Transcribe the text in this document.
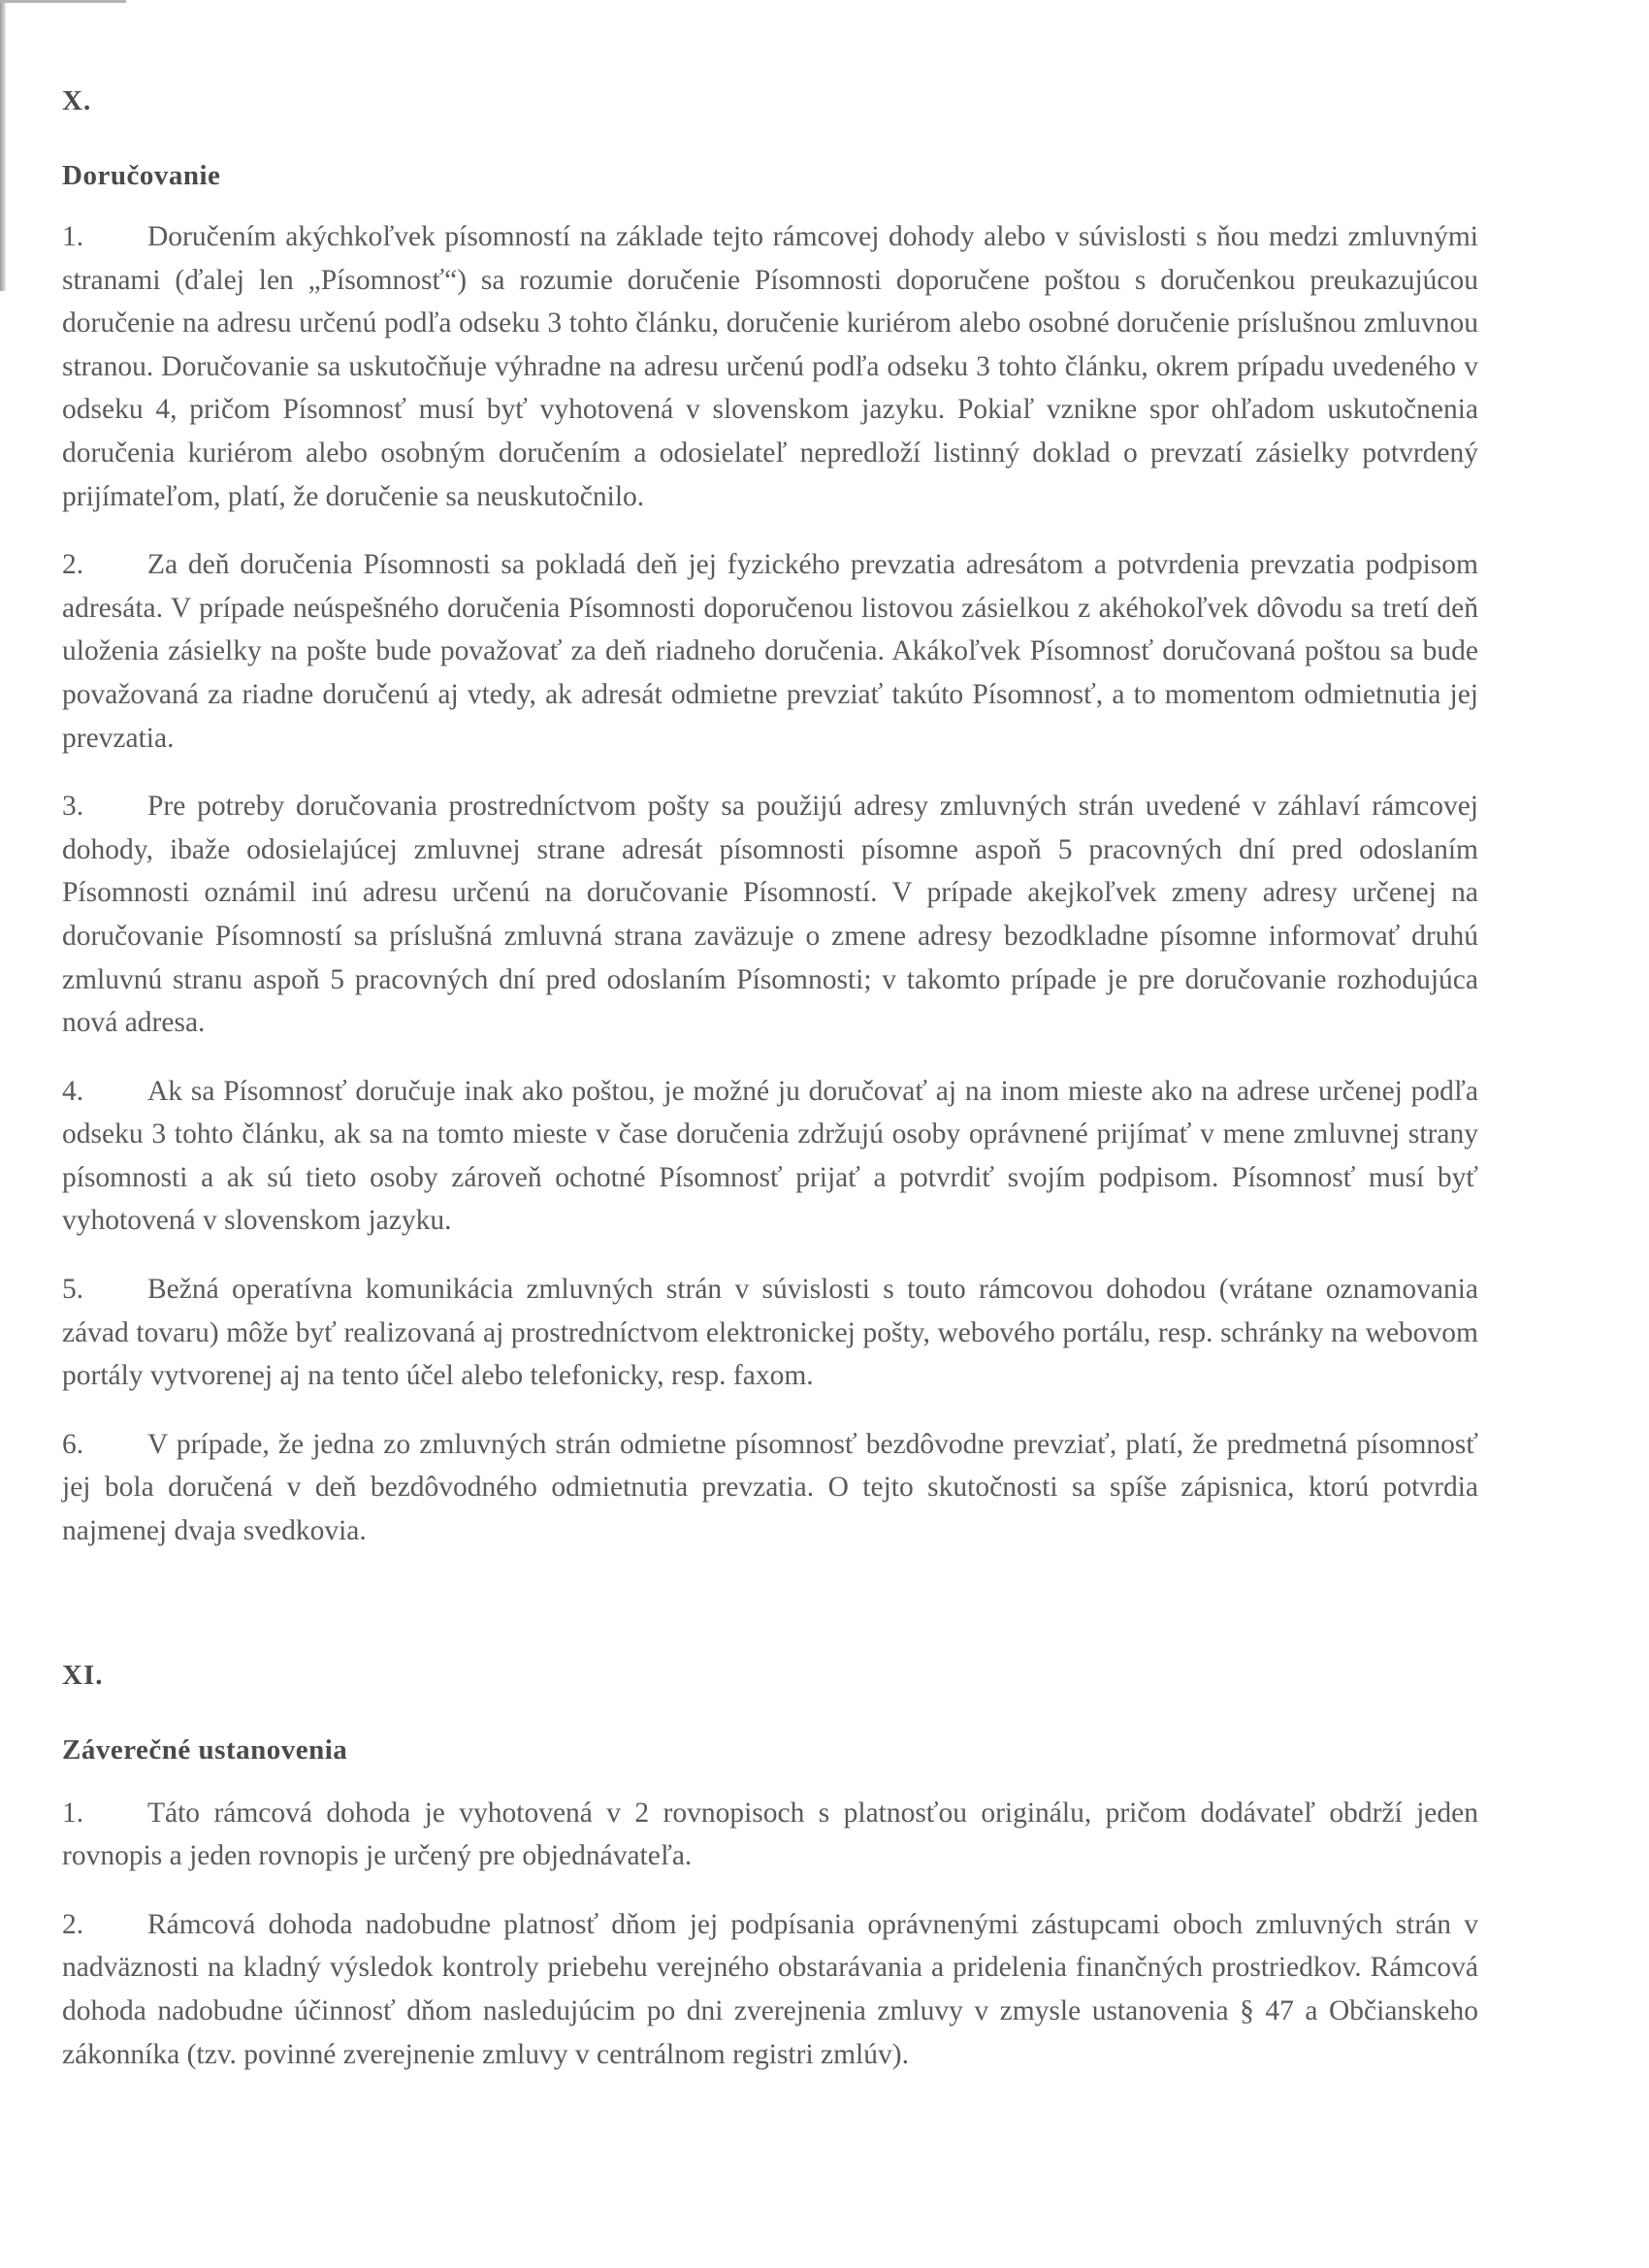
X.

Doručovanie

1. Doručením akýchkoľvek písomností na základe tejto rámcovej dohody alebo v súvislosti s ňou medzi zmluvnými stranami (ďalej len „Písomnosť“) sa rozumie doručenie Písomnosti doporučene poštou s doručenkou preukazujúcou doručenie na adresu určenú podľa odseku 3 tohto článku, doručenie kuriérom alebo osobné doručenie príslušnou zmluvnou stranou. Doručovanie sa uskutočňuje výhradne na adresu určenú podľa odseku 3 tohto článku, okrem prípadu uvedeného v odseku 4, pričom Písomnosť musí byť vyhotovená v slovenskom jazyku. Pokiaľ vznikne spor ohľadom uskutočnenia doručenia kuriérom alebo osobným doručením a odosielateľ nepredloží listinný doklad o prevzatí zásielky potvrdený prijímateľom, platí, že doručenie sa neuskutočnilo.

2. Za deň doručenia Písomnosti sa pokladá deň jej fyzického prevzatia adresátom a potvrdenia prevzatia podpisom adresáta. V prípade neúspešného doručenia Písomnosti doporučenou listovou zásielkou z akéhokoľvek dôvodu sa tretí deň uloženia zásielky na pošte bude považovať za deň riadneho doručenia. Akákoľvek Písomnosť doručovaná poštou sa bude považovaná za riadne doručenú aj vtedy, ak adresát odmietne prevziať takúto Písomnosť, a to momentom odmietnutia jej prevzatia.

3. Pre potreby doručovania prostredníctvom pošty sa použijú adresy zmluvných strán uvedené v záhlaví rámcovej dohody, ibaže odosielajúcej zmluvnej strane adresát písomnosti písomne aspoň 5 pracovných dní pred odoslaním Písomnosti oznámil inú adresu určenú na doručovanie Písomností. V prípade akejkoľvek zmeny adresy určenej na doručovanie Písomností sa príslušná zmluvná strana zaväzuje o zmene adresy bezodkladne písomne informovať druhú zmluvnú stranu aspoň 5 pracovných dní pred odoslaním Písomnosti; v takomto prípade je pre doručovanie rozhodujúca nová adresa.

4. Ak sa Písomnosť doručuje inak ako poštou, je možné ju doručovať aj na inom mieste ako na adrese určenej podľa odseku 3 tohto článku, ak sa na tomto mieste v čase doručenia zdržujú osoby oprávnené prijímať v mene zmluvnej strany písomnosti a ak sú tieto osoby zároveň ochotné Písomnosť prijať a potvrdiť svojím podpisom. Písomnosť musí byť vyhotovená v slovenskom jazyku.

5. Bežná operatívna komunikácia zmluvných strán v súvislosti s touto rámcovou dohodou (vrátane oznamovania závad tovaru) môže byť realizovaná aj prostredníctvom elektronickej pošty, webového portálu, resp. schránky na webovom portály vytvorenej aj na tento účel alebo telefonicky, resp. faxom.

6. V prípade, že jedna zo zmluvných strán odmietne písomnosť bezdôvodne prevziať, platí, že predmetná písomnosť jej bola doručená v deň bezdôvodného odmietnutia prevzatia. O tejto skutočnosti sa spíše zápisnica, ktorú potvrdia najmenej dvaja svedkovia.

XI.

Záverečné ustanovenia

1. Táto rámcová dohoda je vyhotovená v 2 rovnopisoch s platnosťou originálu, pričom dodávateľ obdrží jeden rovnopis a jeden rovnopis je určený pre objednávateľa.

2. Rámcová dohoda nadobudne platnosť dňom jej podpísania oprávnenými zástupcami oboch zmluvných strán v nadväznosti na kladný výsledok kontroly priebehu verejného obstarávania a pridelenia finančných prostriedkov. Rámcová dohoda nadobudne účinnosť dňom nasledujúcim po dni zverejnenia zmluvy v zmysle ustanovenia § 47 a Občianskeho zákonníka (tzv. povinné zverejnenie zmluvy v centrálnom registri zmlúv).
